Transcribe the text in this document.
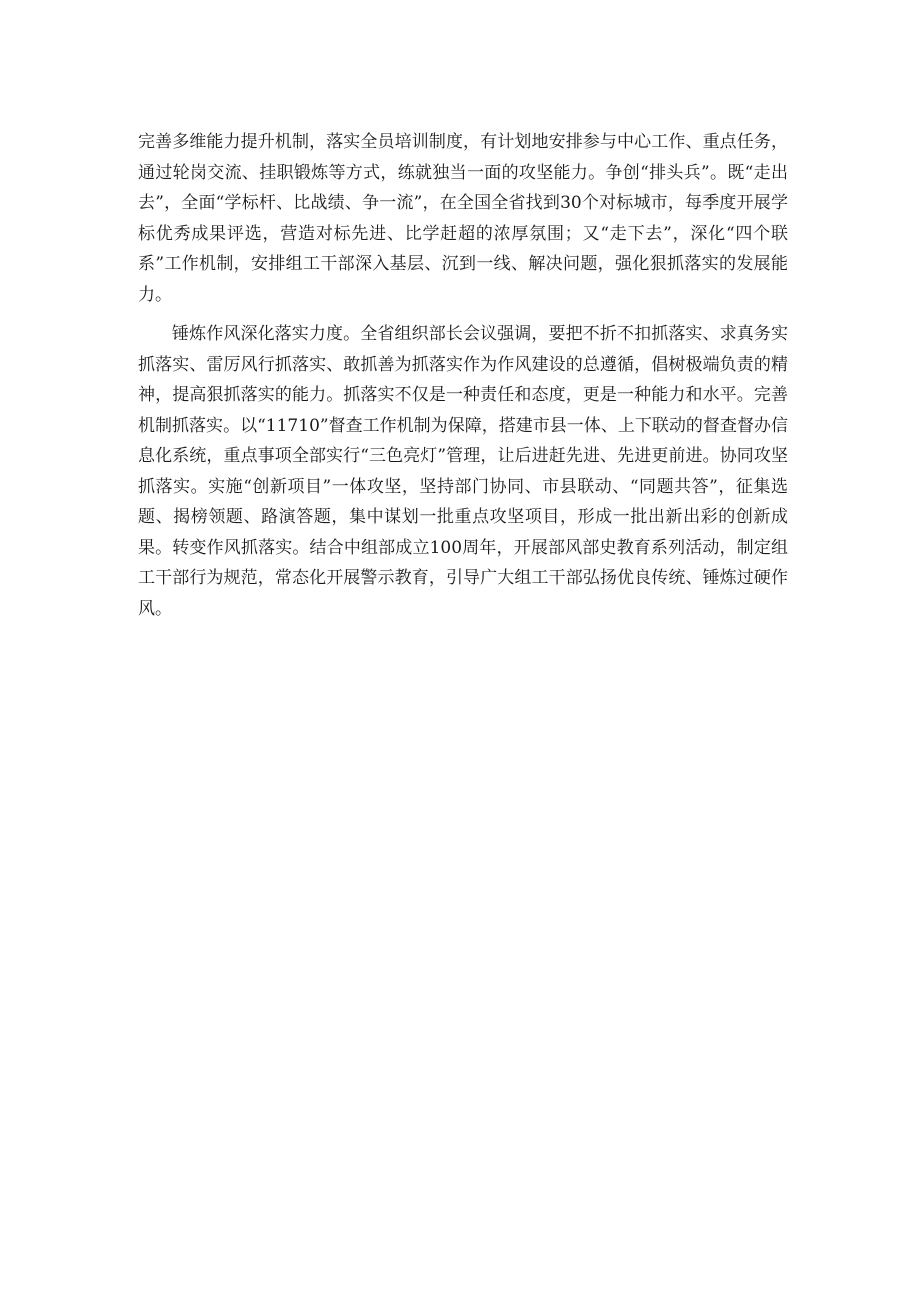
完善多维能力提升机制，落实全员培训制度，有计划地安排参与中心工作、重点任务，通过轮岗交流、挂职锻炼等方式，练就独当一面的攻坚能力。争创“排头兵”。既“走出去”，全面“学标杆、比战绩、争一流”，在全国全省找到30个对标城市，每季度开展学标优秀成果评选，营造对标先进、比学赶超的浓厚氛围；又“走下去”，深化“四个联系”工作机制，安排组工干部深入基层、沉到一线、解决问题，强化狠抓落实的发展能力。

锤炼作风深化落实力度。全省组织部长会议强调，要把不折不扣抓落实、求真务实抓落实、雷厉风行抓落实、敢抓善为抓落实作为作风建设的总遵循，倡树极端负责的精神，提高狠抓落实的能力。抓落实不仅是一种责任和态度，更是一种能力和水平。完善机制抓落实。以“11710”督查工作机制为保障，搭建市县一体、上下联动的督查督办信息化系统，重点事项全部实行“三色亮灯”管理，让后进赶先进、先进更前进。协同攻坚抓落实。实施“创新项目”一体攻坚，坚持部门协同、市县联动、“同题共答”，征集选题、揭榜领题、路演答题，集中谋划一批重点攻坚项目，形成一批出新出彩的创新成果。转变作风抓落实。结合中组部成立100周年，开展部风部史教育系列活动，制定组工干部行为规范，常态化开展警示教育，引导广大组工干部弘扬优良传统、锤炼过硬作风。
